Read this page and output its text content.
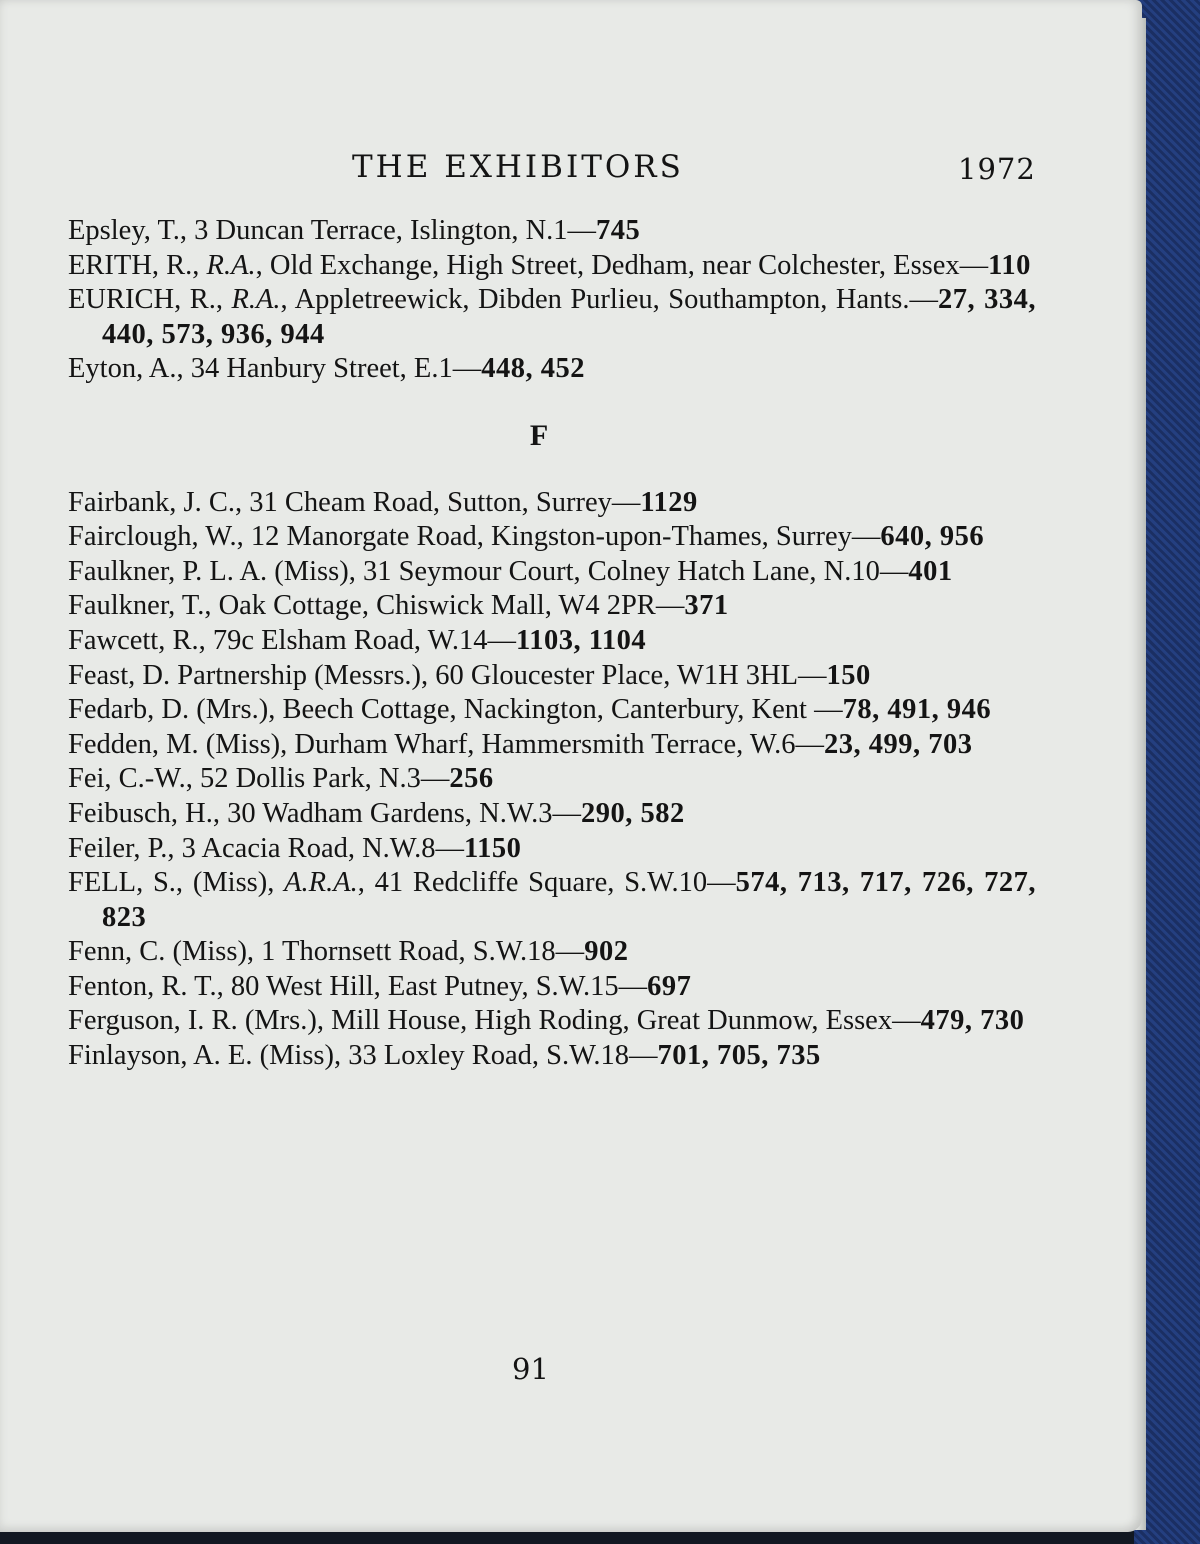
THE EXHIBITORS	1972
Epsley, T., 3 Duncan Terrace, Islington, N.1—745
ERITH, R., R.A., Old Exchange, High Street, Dedham, near Colchester, Essex—110
EURICH, R., R.A., Appletreewick, Dibden Purlieu, Southampton, Hants.—27, 334, 440, 573, 936, 944
Eyton, A., 34 Hanbury Street, E.1—448, 452
F
Fairbank, J. C., 31 Cheam Road, Sutton, Surrey—1129
Fairclough, W., 12 Manorgate Road, Kingston-upon-Thames, Surrey—640, 956
Faulkner, P. L. A. (Miss), 31 Seymour Court, Colney Hatch Lane, N.10—401
Faulkner, T., Oak Cottage, Chiswick Mall, W4 2PR—371
Fawcett, R., 79c Elsham Road, W.14—1103, 1104
Feast, D. Partnership (Messrs.), 60 Gloucester Place, W1H 3HL—150
Fedarb, D. (Mrs.), Beech Cottage, Nackington, Canterbury, Kent —78, 491, 946
Fedden, M. (Miss), Durham Wharf, Hammersmith Terrace, W.6—23, 499, 703
Fei, C.-W., 52 Dollis Park, N.3—256
Feibusch, H., 30 Wadham Gardens, N.W.3—290, 582
Feiler, P., 3 Acacia Road, N.W.8—1150
FELL, S., (Miss), A.R.A., 41 Redcliffe Square, S.W.10—574, 713, 717, 726, 727, 823
Fenn, C. (Miss), 1 Thornsett Road, S.W.18—902
Fenton, R. T., 80 West Hill, East Putney, S.W.15—697
Ferguson, I. R. (Mrs.), Mill House, High Roding, Great Dunmow, Essex—479, 730
Finlayson, A. E. (Miss), 33 Loxley Road, S.W.18—701, 705, 735
91
